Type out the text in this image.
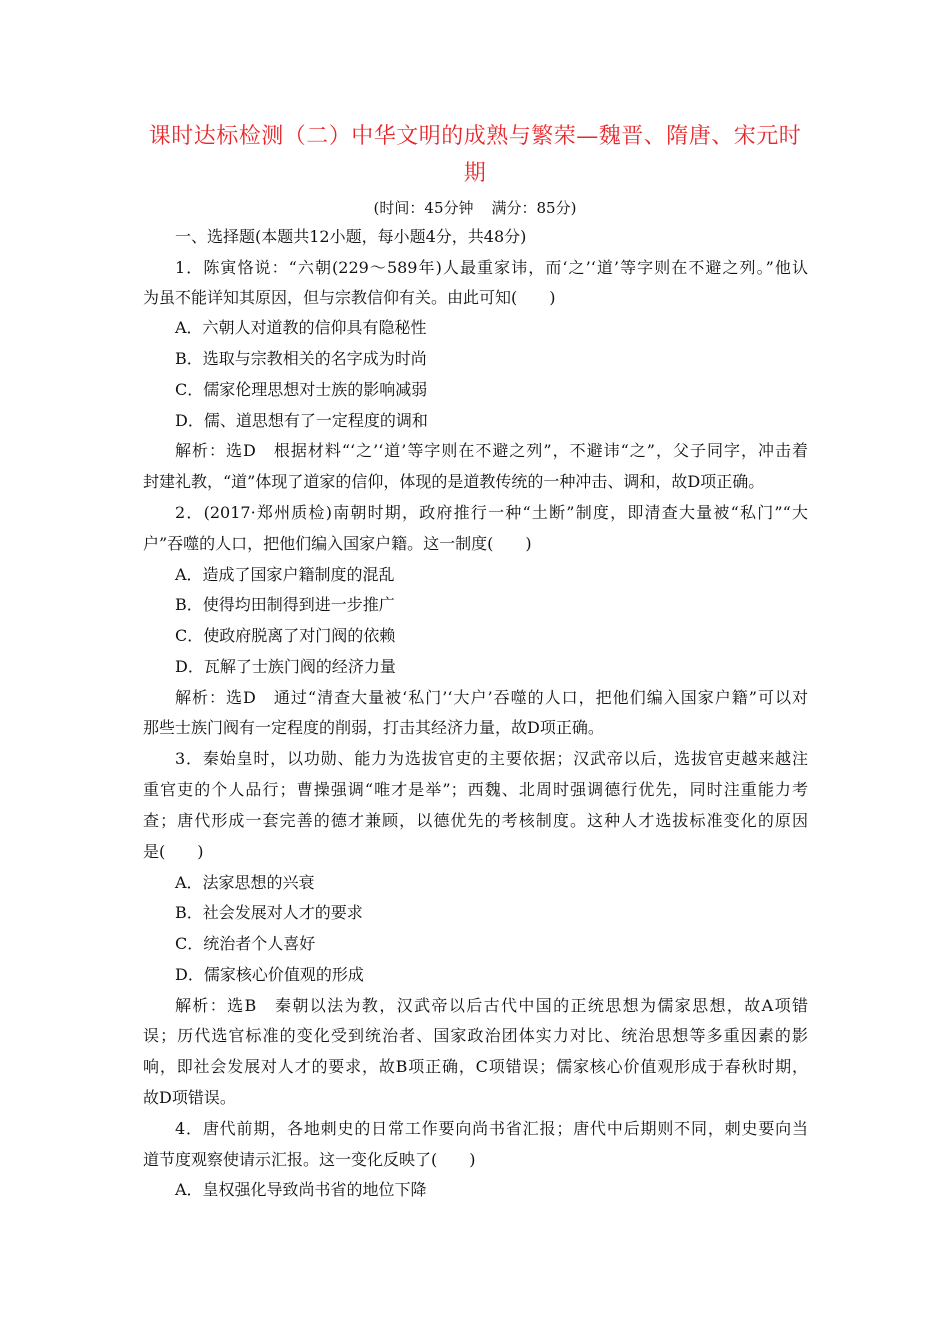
课时达标检测（二）中华文明的成熟与繁荣—魏晋、隋唐、宋元时
期
(时间：45分钟 满分：85分)
一、选择题(本题共12小题，每小题4分，共48分)
1．陈寅恪说：“六朝(229～589年)人最重家讳，而‘之’‘道’等字则在不避之列。”他认
为虽不能详知其原因，但与宗教信仰有关。由此可知(　　)
A．六朝人对道教的信仰具有隐秘性
B．选取与宗教相关的名字成为时尚
C．儒家伦理思想对士族的影响减弱
D．儒、道思想有了一定程度的调和
解析：选D　根据材料“‘之’‘道’等字则在不避之列”，不避讳“之”，父子同字，冲击着
封建礼教，“道”体现了道家的信仰，体现的是道教传统的一种冲击、调和，故D项正确。
2．(2017·郑州质检)南朝时期，政府推行一种“土断”制度，即清查大量被“私门”“大
户”吞噬的人口，把他们编入国家户籍。这一制度(　　)
A．造成了国家户籍制度的混乱
B．使得均田制得到进一步推广
C．使政府脱离了对门阀的依赖
D．瓦解了士族门阀的经济力量
解析：选D　通过“清查大量被‘私门’‘大户’吞噬的人口，把他们编入国家户籍”可以对
那些士族门阀有一定程度的削弱，打击其经济力量，故D项正确。
3．秦始皇时，以功勋、能力为选拔官吏的主要依据；汉武帝以后，选拔官吏越来越注
重官吏的个人品行；曹操强调“唯才是举”；西魏、北周时强调德行优先，同时注重能力考
查；唐代形成一套完善的德才兼顾，以德优先的考核制度。这种人才选拔标准变化的原因
是(　　)
A．法家思想的兴衰
B．社会发展对人才的要求
C．统治者个人喜好
D．儒家核心价值观的形成
解析：选B　秦朝以法为教，汉武帝以后古代中国的正统思想为儒家思想，故A项错
误；历代选官标准的变化受到统治者、国家政治团体实力对比、统治思想等多重因素的影
响，即社会发展对人才的要求，故B项正确，C项错误；儒家核心价值观形成于春秋时期，
故D项错误。
4．唐代前期，各地刺史的日常工作要向尚书省汇报；唐代中后期则不同，刺史要向当
道节度观察使请示汇报。这一变化反映了(　　)
A．皇权强化导致尚书省的地位下降
